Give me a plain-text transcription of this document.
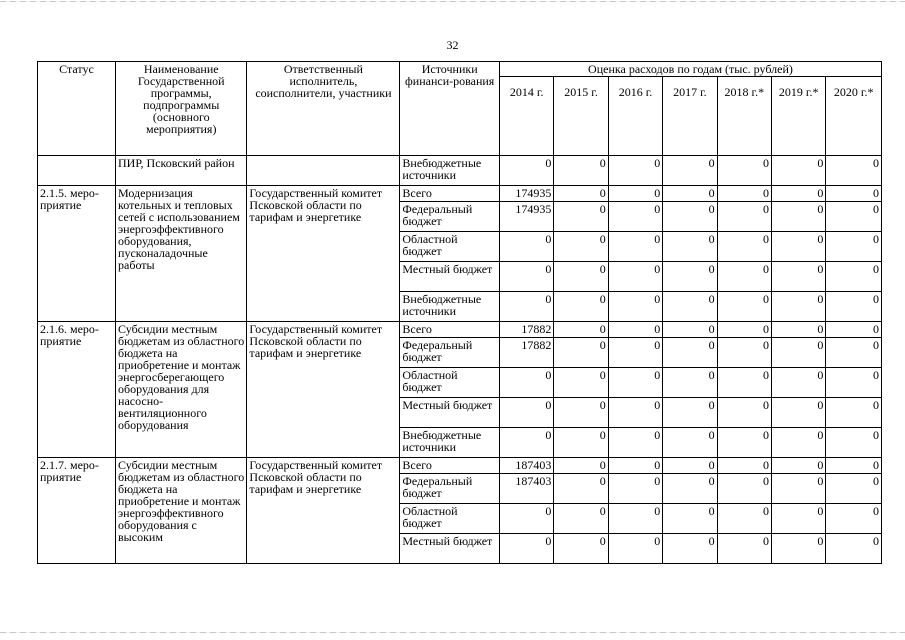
32
Статус	Наименование Государственной программы, подпрограммы (основного мероприятия)	Ответственный исполнитель, соисполнители, участники	Источники финанси-рования	Оценка расходов по годам (тыс. рублей)						
				2014 г.	2015 г.	2016 г.	2017 г.	2018 г.*	2019 г.*	2020 г.*
	ПИР, Псковский район		Внебюджетные источники	0	0	0	0	0	0	0
2.1.5. меро-приятие	Модернизация котельных и тепловых сетей с использованием энергоэффективного оборудования, пусконаладочные работы	Государственный комитет Псковской области по тарифам и энергетике	Всего	174935	0	0	0	0	0	0
			Федеральный бюджет	174935	0	0	0	0	0	0
			Областной бюджет	0	0	0	0	0	0	0
			Местный бюджет	0	0	0	0	0	0	0
			Внебюджетные источники	0	0	0	0	0	0	0
2.1.6. меро-приятие	Субсидии местным бюджетам из областного бюджета на приобретение и монтаж энергосберегающего оборудования для насосно-вентиляционного оборудования	Государственный комитет Псковской области по тарифам и энергетике	Всего	17882	0	0	0	0	0	0
			Федеральный бюджет	17882	0	0	0	0	0	0
			Областной бюджет	0	0	0	0	0	0	0
			Местный бюджет	0	0	0	0	0	0	0
			Внебюджетные источники	0	0	0	0	0	0	0
2.1.7. меро-приятие	Субсидии местным бюджетам из областного бюджета на приобретение и монтаж энергоэффективного оборудования с высоким	Государственный комитет Псковской области по тарифам и энергетике	Всего	187403	0	0	0	0	0	0
			Федеральный бюджет	187403	0	0	0	0	0	0
			Областной бюджет	0	0	0	0	0	0	0
			Местный бюджет	0	0	0	0	0	0	0
